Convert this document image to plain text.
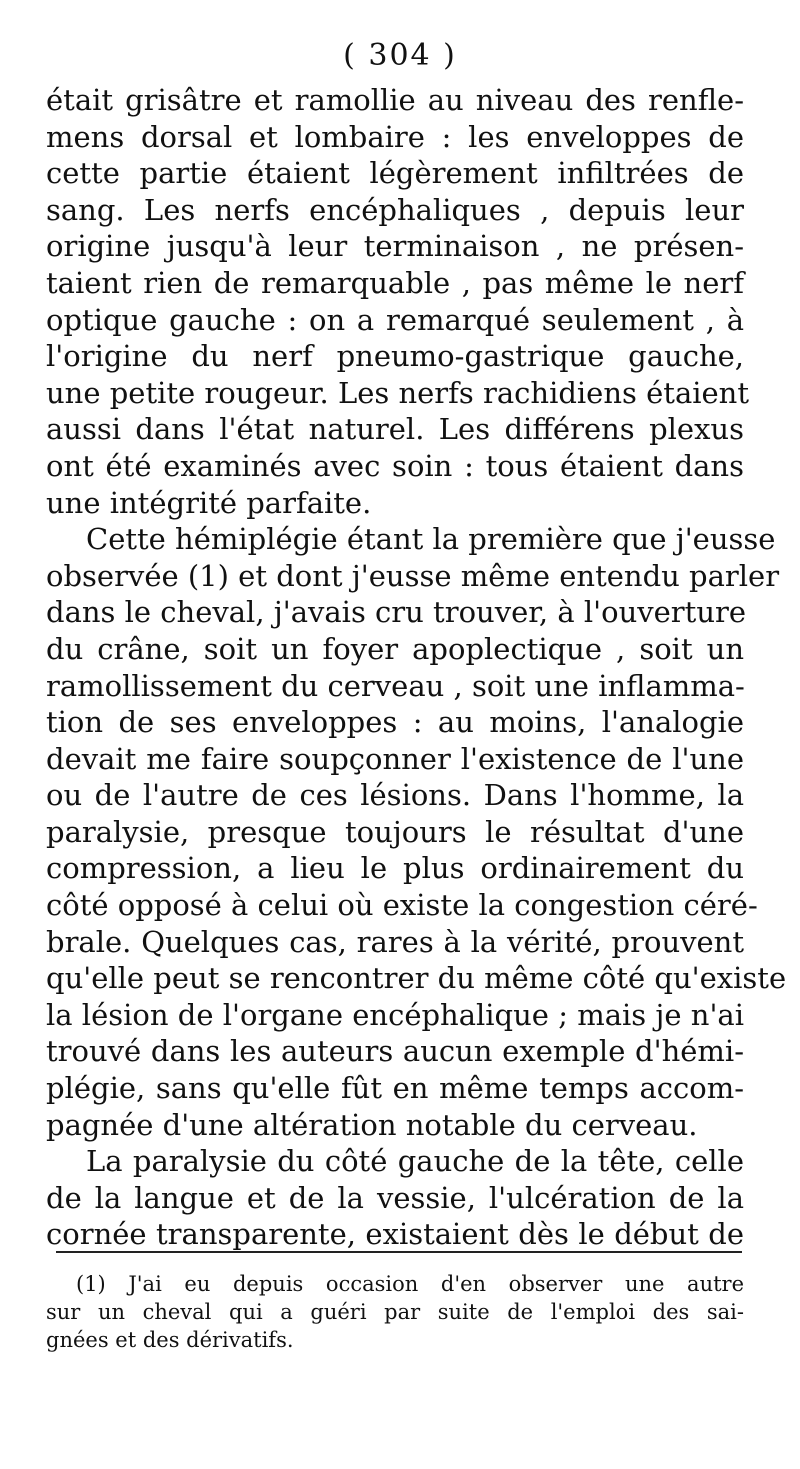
( 304 )
était grisâtre et ramollie au niveau des renfle-
mens dorsal et lombaire : les enveloppes de
cette partie étaient légèrement infiltrées de
sang. Les nerfs encéphaliques , depuis leur
origine jusqu'à leur terminaison , ne présen-
taient rien de remarquable , pas même le nerf
optique gauche : on a remarqué seulement , à
l'origine du nerf pneumo-gastrique gauche,
une petite rougeur. Les nerfs rachidiens étaient
aussi dans l'état naturel. Les différens plexus
ont été examinés avec soin : tous étaient dans
une intégrité parfaite.
Cette hémiplégie étant la première que j'eusse
observée (1) et dont j'eusse même entendu parler
dans le cheval, j'avais cru trouver, à l'ouverture
du crâne, soit un foyer apoplectique , soit un
ramollissement du cerveau , soit une inflamma-
tion de ses enveloppes : au moins, l'analogie
devait me faire soupçonner l'existence de l'une
ou de l'autre de ces lésions. Dans l'homme, la
paralysie, presque toujours le résultat d'une
compression, a lieu le plus ordinairement du
côté opposé à celui où existe la congestion céré-
brale. Quelques cas, rares à la vérité, prouvent
qu'elle peut se rencontrer du même côté qu'existe
la lésion de l'organe encéphalique ; mais je n'ai
trouvé dans les auteurs aucun exemple d'hémi-
plégie, sans qu'elle fût en même temps accom-
pagnée d'une altération notable du cerveau.
La paralysie du côté gauche de la tête, celle
de la langue et de la vessie, l'ulcération de la
cornée transparente, existaient dès le début de
(1) J'ai eu depuis occasion d'en observer une autre
sur un cheval qui a guéri par suite de l'emploi des sai-
gnées et des dérivatifs.
